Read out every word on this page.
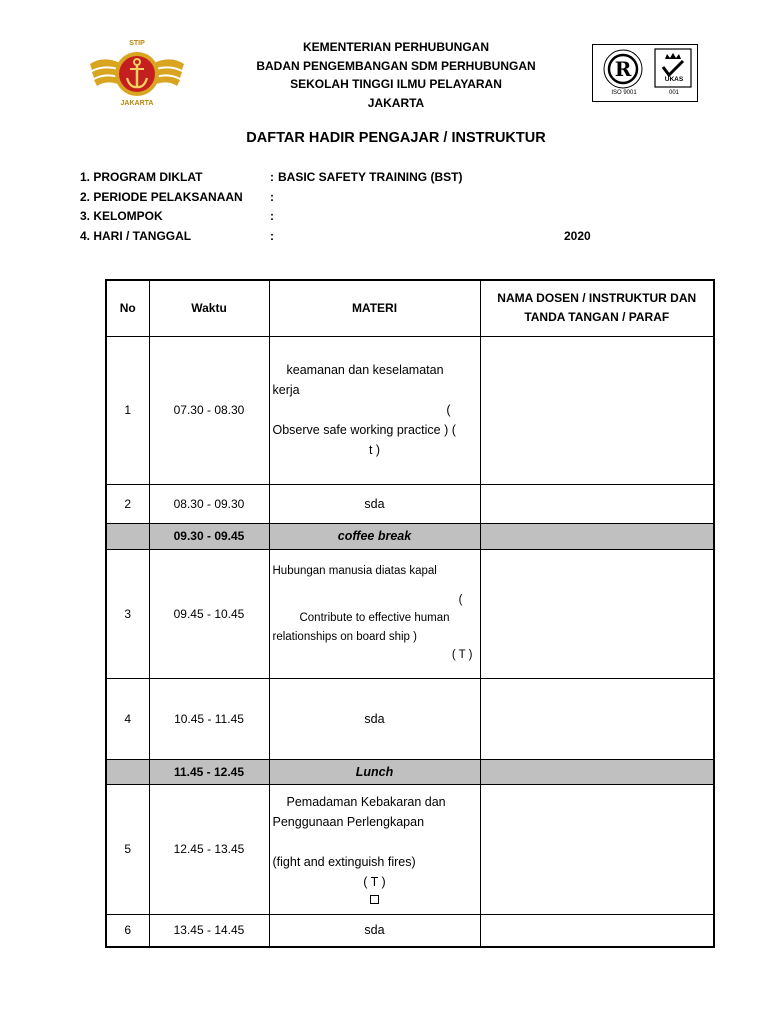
STIP
JAKARTA
KEMENTERIAN PERHUBUNGAN
BADAN PENGEMBANGAN SDM PERHUBUNGAN
SEKOLAH TINGGI ILMU PELAYARAN
JAKARTA
R	UKAS
ISO 9001	001
DAFTAR HADIR PENGAJAR / INSTRUKTUR
1. PROGRAM DIKLAT	: BASIC SAFETY TRAINING (BST)
2. PERIODE PELAKSANAAN :
3. KELOMPOK	:
4. HARI / TANGGAL	:	2020
No	Waktu	MATERI	NAMA DOSEN / INSTRUKTUR DAN
TANDA TANGAN / PARAF

1	07.30 - 08.30	keamanan dan keselamatan
kerja
(
Observe safe working practice ) (
t )	

2	08.30 - 09.30	sda	
	09.30 - 09.45	coffee break	
3	09.45 - 10.45	Hubungan manusia diatas kapal
(
Contribute to effective human
relationships on board ship )
( T )	

4	10.45 - 11.45	sda	
	11.45 - 12.45	Lunch	
5	12.45 - 13.45	Pemadaman Kebakaran dan
Penggunaan Perlengkapan
(fight and extinguish fires)
( T )	

6	13.45 - 14.45	sda	
